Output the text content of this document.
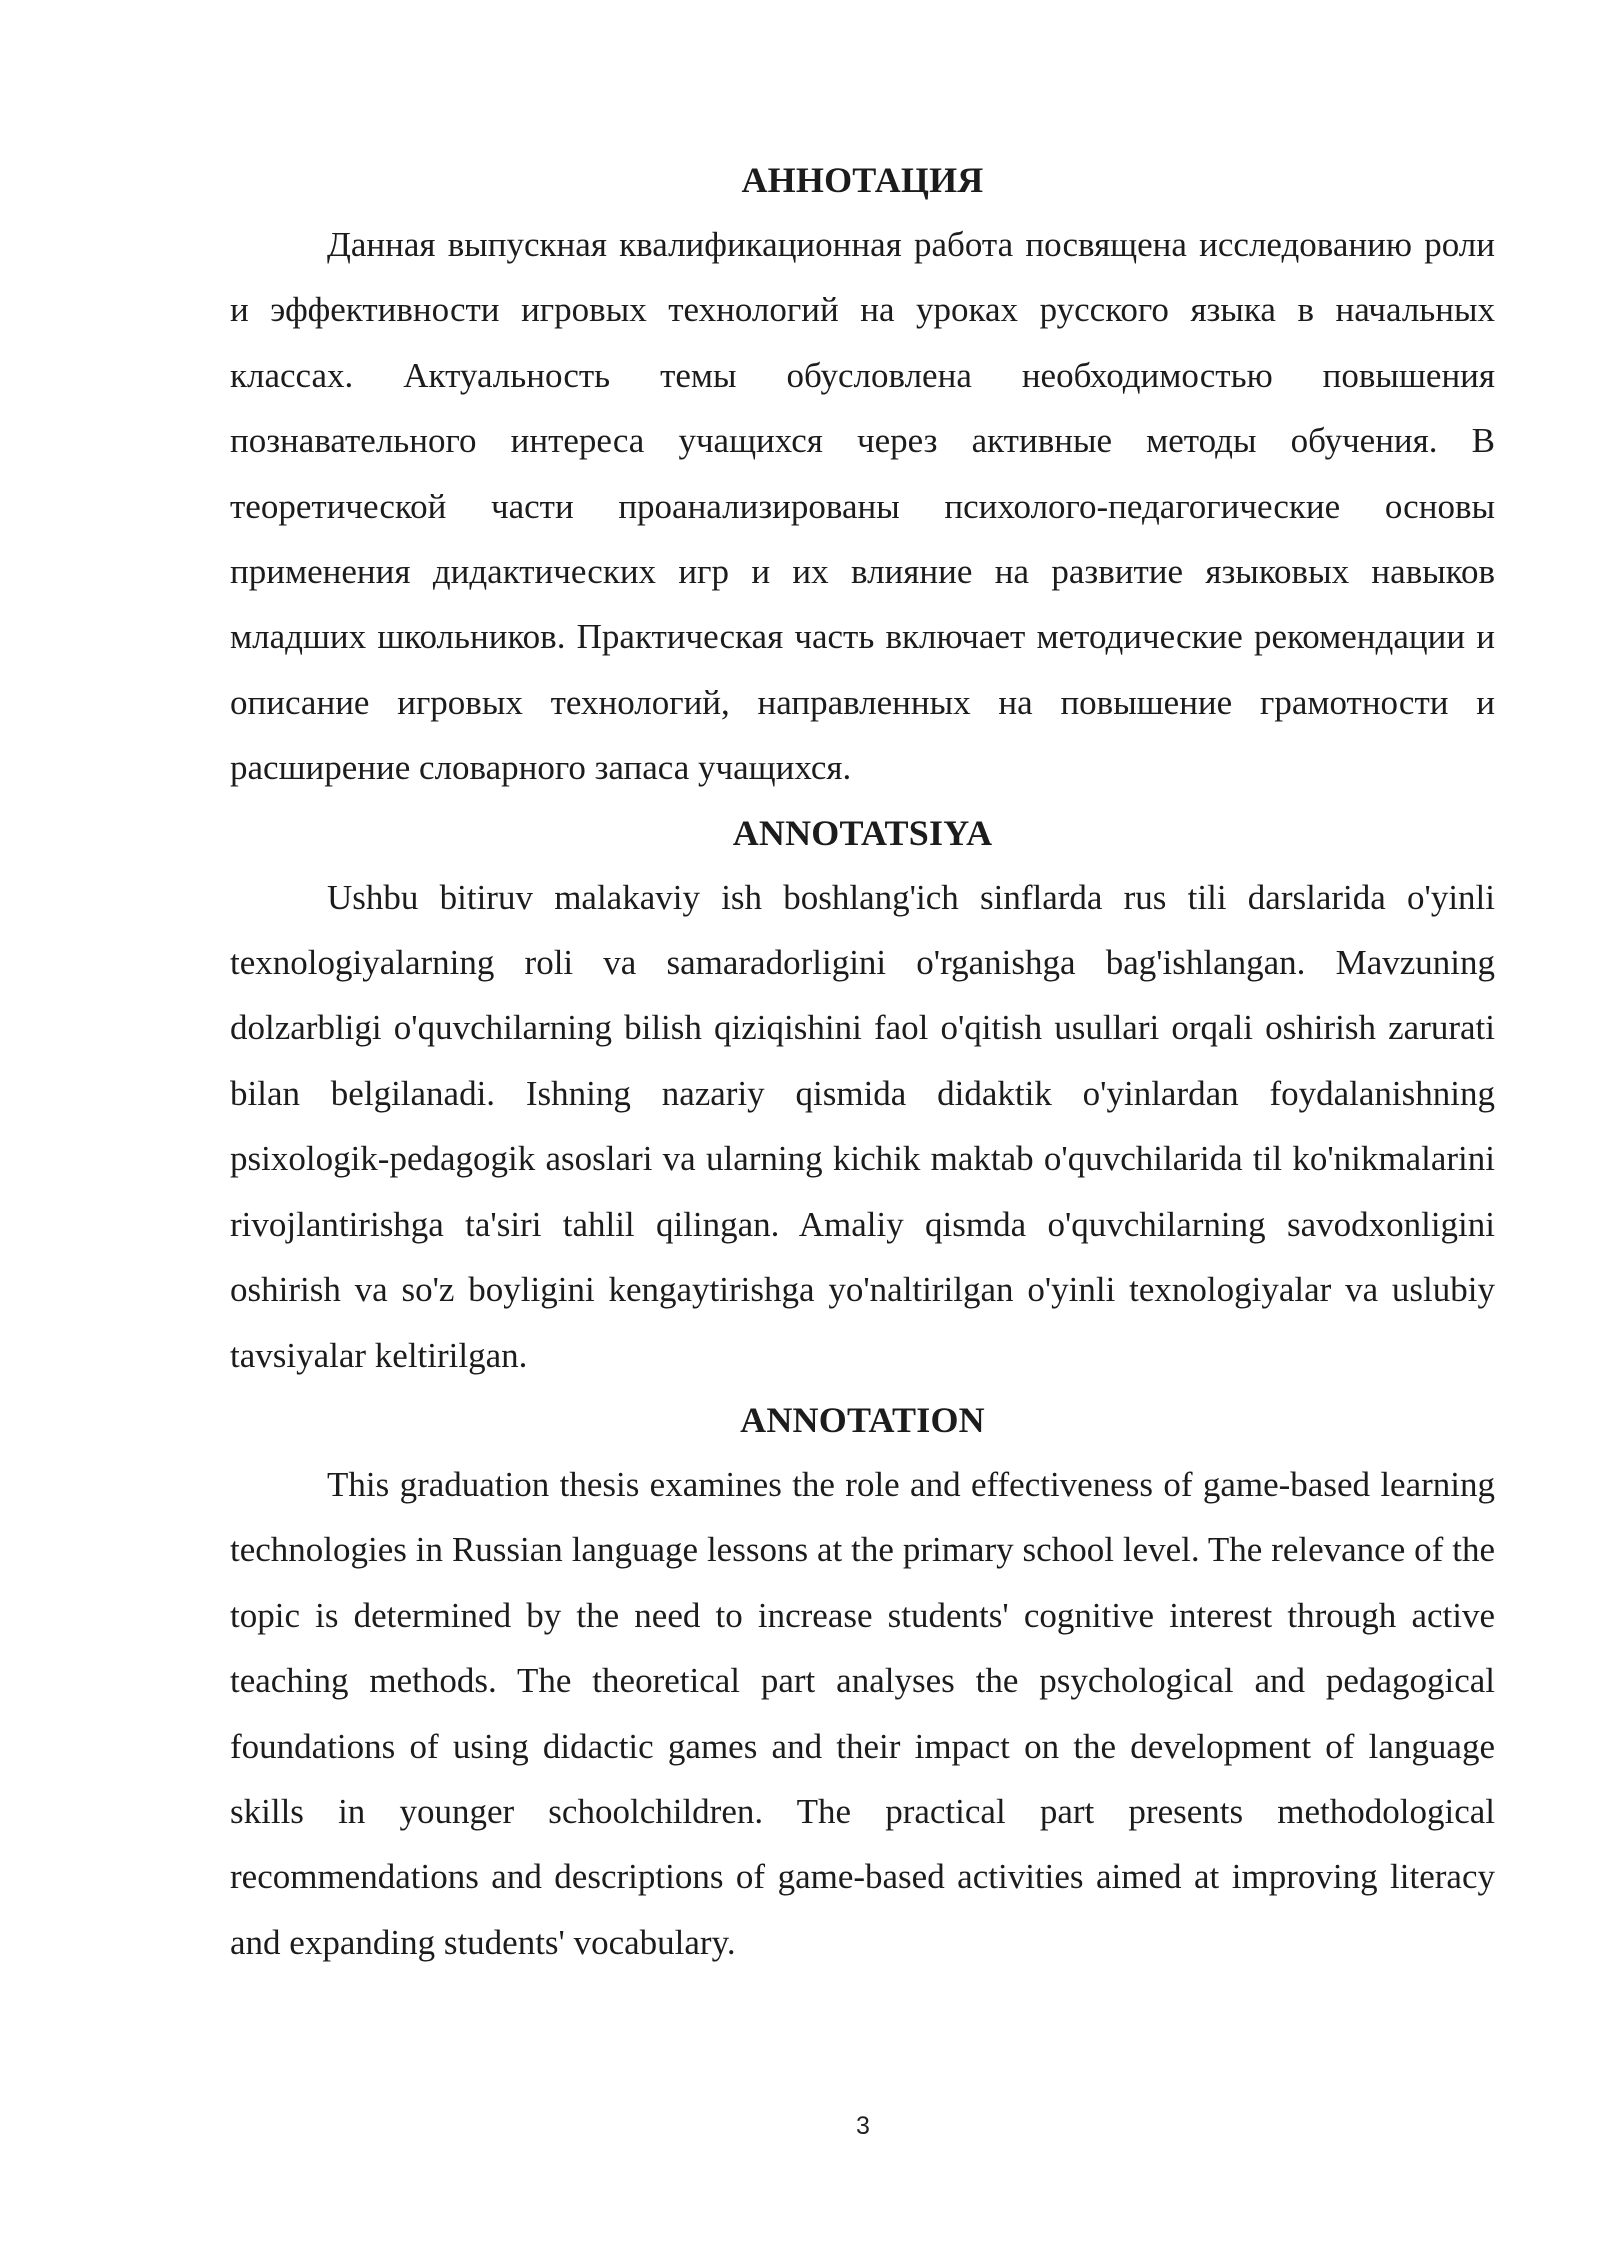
АННОТАЦИЯ

Данная выпускная квалификационная работа посвящена исследованию роли и эффективности игровых технологий на уроках русского языка в начальных классах. Актуальность темы обусловлена необходимостью повышения познавательного интереса учащихся через активные методы обучения. В теоретической части проанализированы психолого-педагогические основы применения дидактических игр и их влияние на развитие языковых навыков младших школьников. Практическая часть включает методические рекомендации и описание игровых технологий, направленных на повышение грамотности и расширение словарного запаса учащихся.

ANNOTATSIYA

Ushbu bitiruv malakaviy ish boshlang'ich sinflarda rus tili darslarida o'yinli texnologiyalarning roli va samaradorligini o'rganishga bag'ishlangan. Mavzuning dolzarbligi o'quvchilarning bilish qiziqishini faol o'qitish usullari orqali oshirish zarurati bilan belgilanadi. Ishning nazariy qismida didaktik o'yinlardan foydalanishning psixologik-pedagogik asoslari va ularning kichik maktab o'quvchilarida til ko'nikmalarini rivojlantirishga ta'siri tahlil qilingan. Amaliy qismda o'quvchilarning savodxonligini oshirish va so'z boyligini kengaytirishga yo'naltirilgan o'yinli texnologiyalar va uslubiy tavsiyalar keltirilgan.

ANNOTATION

This graduation thesis examines the role and effectiveness of game-based learning technologies in Russian language lessons at the primary school level. The relevance of the topic is determined by the need to increase students' cognitive interest through active teaching methods. The theoretical part analyses the psychological and pedagogical foundations of using didactic games and their impact on the development of language skills in younger schoolchildren. The practical part presents methodological recommendations and descriptions of game-based activities aimed at improving literacy and expanding students' vocabulary.

3
